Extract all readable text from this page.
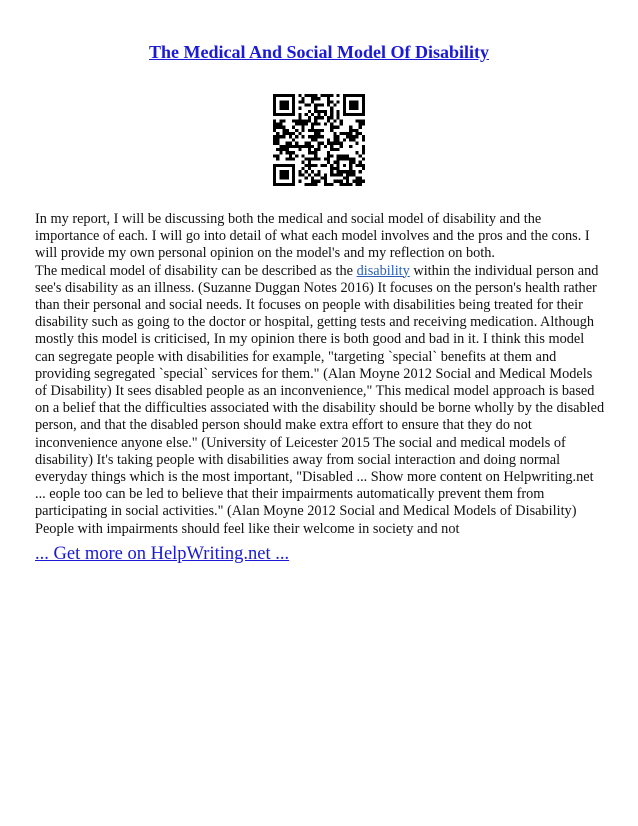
The Medical And Social Model Of Disability

In my report, I will be discussing both the medical and social model of disability and the importance of each. I will go into detail of what each model involves and the pros and the cons. I will provide my own personal opinion on the model's and my reflection on both.

The medical model of disability can be described as the disability within the individual person and see's disability as an illness. (Suzanne Duggan Notes 2016) It focuses on the person's health rather than their personal and social needs. It focuses on people with disabilities being treated for their disability such as going to the doctor or hospital, getting tests and receiving medication. Although mostly this model is criticised, In my opinion there is both good and bad in it. I think this model can segregate people with disabilities for example, "targeting `special` benefits at them and providing segregated `special` services for them." (Alan Moyne 2012 Social and Medical Models of Disability) It sees disabled people as an inconvenience," This medical model approach is based on a belief that the difficulties associated with the disability should be borne wholly by the disabled person, and that the disabled person should make extra effort to ensure that they do not inconvenience anyone else." (University of Leicester 2015 The social and medical models of disability) It's taking people with disabilities away from social interaction and doing normal everyday things which is the most important, "Disabled ... Show more content on Helpwriting.net ... eople too can be led to believe that their impairments automatically prevent them from participating in social activities." (Alan Moyne 2012 Social and Medical Models of Disability) People with impairments should feel like their welcome in society and not

... Get more on HelpWriting.net ...
